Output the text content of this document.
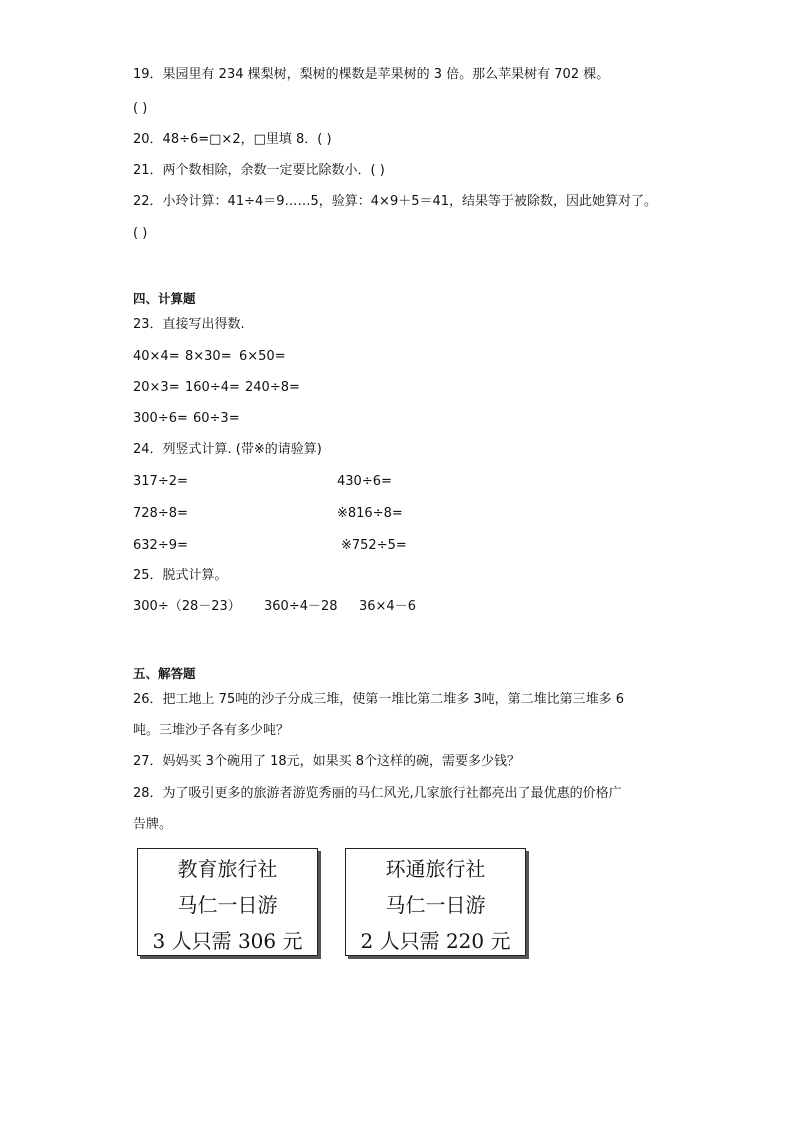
19．果园里有 234 棵梨树，梨树的棵数是苹果树的 3 倍。那么苹果树有 702 棵。
( )
20．48÷6=□×2，□里填 8．( )
21．两个数相除，余数一定要比除数小．( )
22．小玲计算：41÷4＝9……5，验算：4×9＋5＝41，结果等于被除数，因此她算对了。
( )
四、计算题
23．直接写出得数.
40×4= 8×30= 6×50=
20×3= 160÷4= 240÷8=
300÷6= 60÷3=
24．列竖式计算. (带※的请验算)
317÷2=	430÷6=
728÷8=	※816÷8=
632÷9=	※752÷5=
25．脱式计算。
300÷（28－23） 360÷4－28 36×4－6
五、解答题
26．把工地上 75吨的沙子分成三堆，使第一堆比第二堆多 3吨，第二堆比第三堆多 6
吨。三堆沙子各有多少吨？
27．妈妈买 3个碗用了 18元，如果买 8个这样的碗，需要多少钱？
28．为了吸引更多的旅游者游览秀丽的马仁风光,几家旅行社都亮出了最优惠的价格广
告牌。
教育旅行社
马仁一日游
3 人只需 306 元
环通旅行社
马仁一日游
2 人只需 220 元
